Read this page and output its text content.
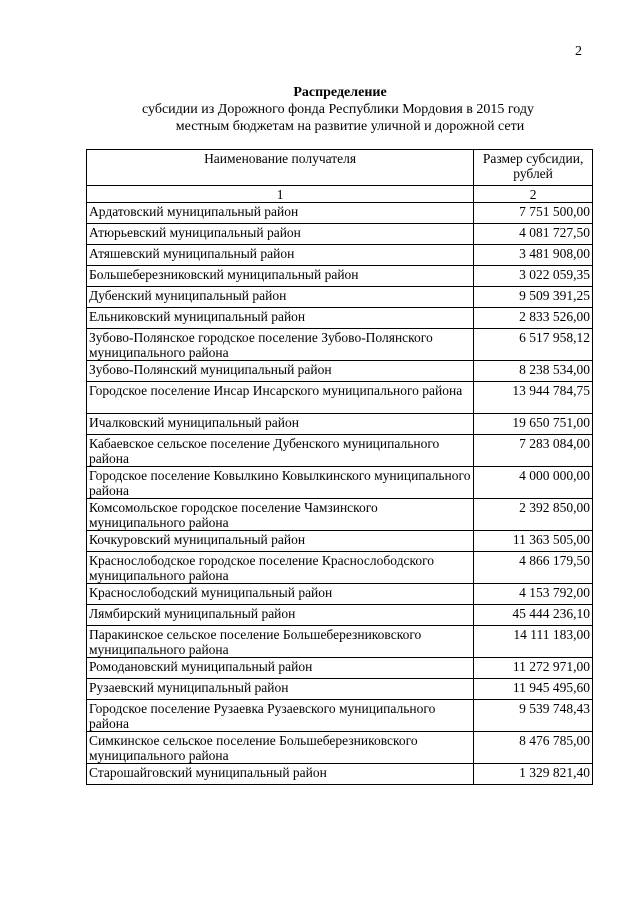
2
Распределение
субсидии из Дорожного фонда Республики Мордовия в 2015 году
местным бюджетам на развитие уличной и дорожной сети
Наименование получателя	Размер субсидии, рублей
1	2
Ардатовский муниципальный район	7 751 500,00
Атюрьевский муниципальный район	4 081 727,50
Атяшевский муниципальный район	3 481 908,00
Большеберезниковский муниципальный район	3 022 059,35
Дубенский муниципальный район	9 509 391,25
Ельниковский муниципальный район	2 833 526,00
Зубово-Полянское городское поселение Зубово-Полянского муниципального района	6 517 958,12
Зубово-Полянский муниципальный район	8 238 534,00
Городское поселение Инсар Инсарского муниципального района	13 944 784,75
Ичалковский муниципальный район	19 650 751,00
Кабаевское сельское поселение Дубенского муниципального района	7 283 084,00
Городское поселение Ковылкино Ковылкинского муниципального района	4 000 000,00
Комсомольское городское поселение Чамзинского муниципального района	2 392 850,00
Кочкуровский муниципальный район	11 363 505,00
Краснослободское городское поселение Краснослободского муниципального района	4 866 179,50
Краснослободский муниципальный район	4 153 792,00
Лямбирский муниципальный район	45 444 236,10
Паракинское сельское поселение Большеберезниковского муниципального района	14 111 183,00
Ромодановский муниципальный район	11 272 971,00
Рузаевский муниципальный район	11 945 495,60
Городское поселение Рузаевка Рузаевского муниципального района	9 539 748,43
Симкинское сельское поселение Большеберезниковского муниципального района	8 476 785,00
Старошайговский муниципальный район	1 329 821,40
